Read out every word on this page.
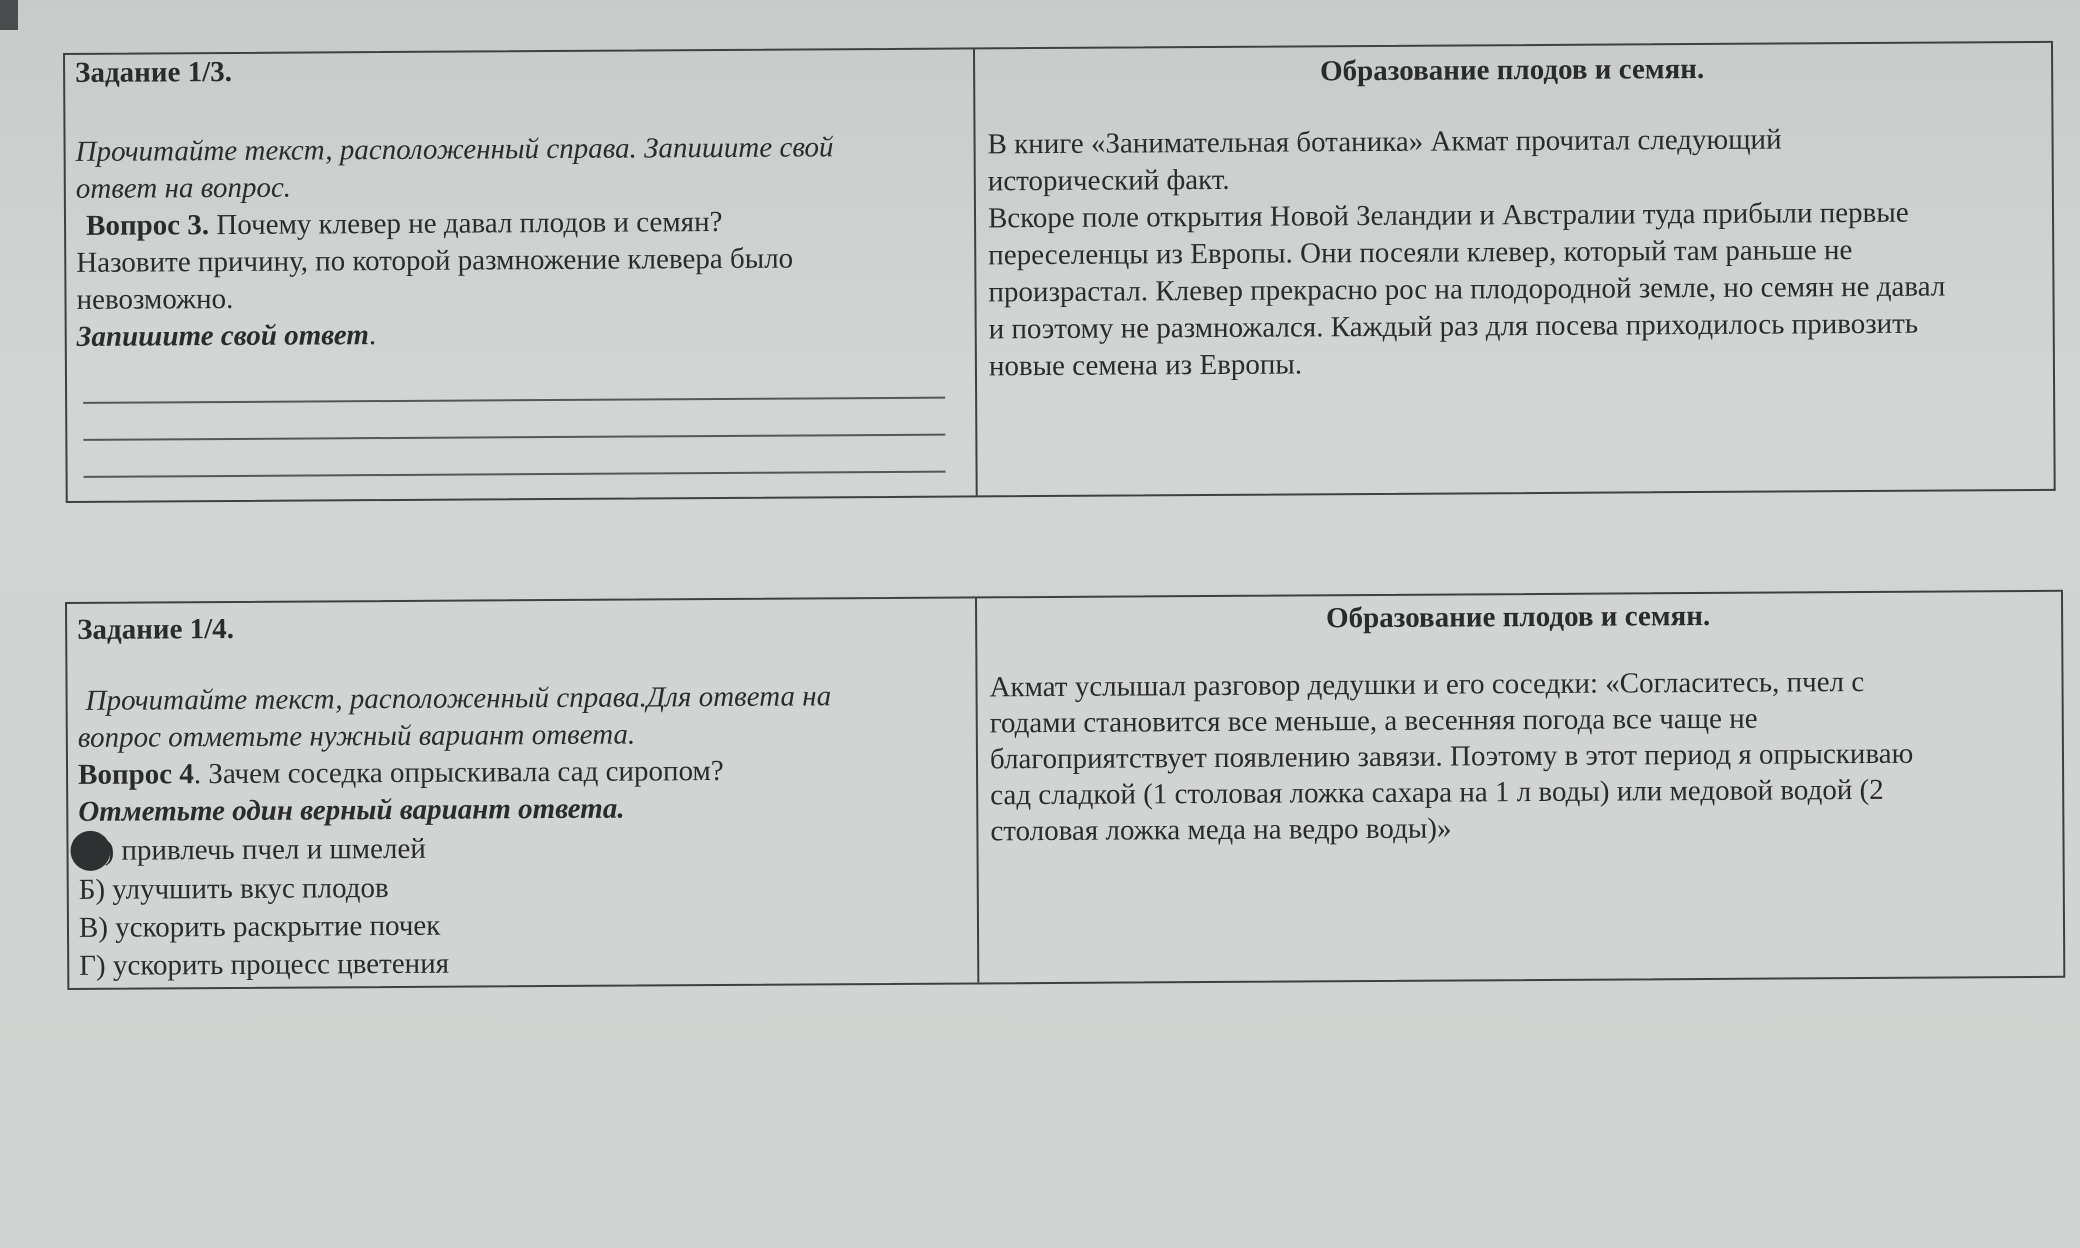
Задание 1/3.

Прочитайте текст, расположенный справа. Запишите свой
ответ на вопрос.

Вопрос 3. Почему клевер не давал плодов и семян?

Назовите причину, по которой размножение клевера было
невозможно.

Запишите свой ответ.

Образование плодов и семян.

В книге «Занимательная ботаника» Акмат прочитал следующий
исторический факт.
Вскоре поле открытия Новой Зеландии и Австралии туда прибыли первые
переселенцы из Европы. Они посеяли клевер, который там раньше не
произрастал. Клевер прекрасно рос на плодородной земле, но семян не давал
и поэтому не размножался. Каждый раз для посева приходилось привозить
новые семена из Европы.

Задание 1/4.

Прочитайте текст, расположенный справа.Для ответа на
вопрос отметьте нужный вариант ответа.

Вопрос 4. Зачем соседка опрыскивала сад сиропом?

Отметьте один верный вариант ответа.

) привлечь пчел и шмелей

Б) улучшить вкус плодов

В) ускорить раскрытие почек

Г) ускорить процесс цветения

Образование плодов и семян.

Акмат услышал разговор дедушки и его соседки: «Согласитесь, пчел с
годами становится все меньше, а весенняя погода все чаще не
благоприятствует появлению завязи. Поэтому в этот период я опрыскиваю
сад сладкой (1 столовая ложка сахара на 1 л воды) или медовой водой (2
столовая ложка меда на ведро воды)»
